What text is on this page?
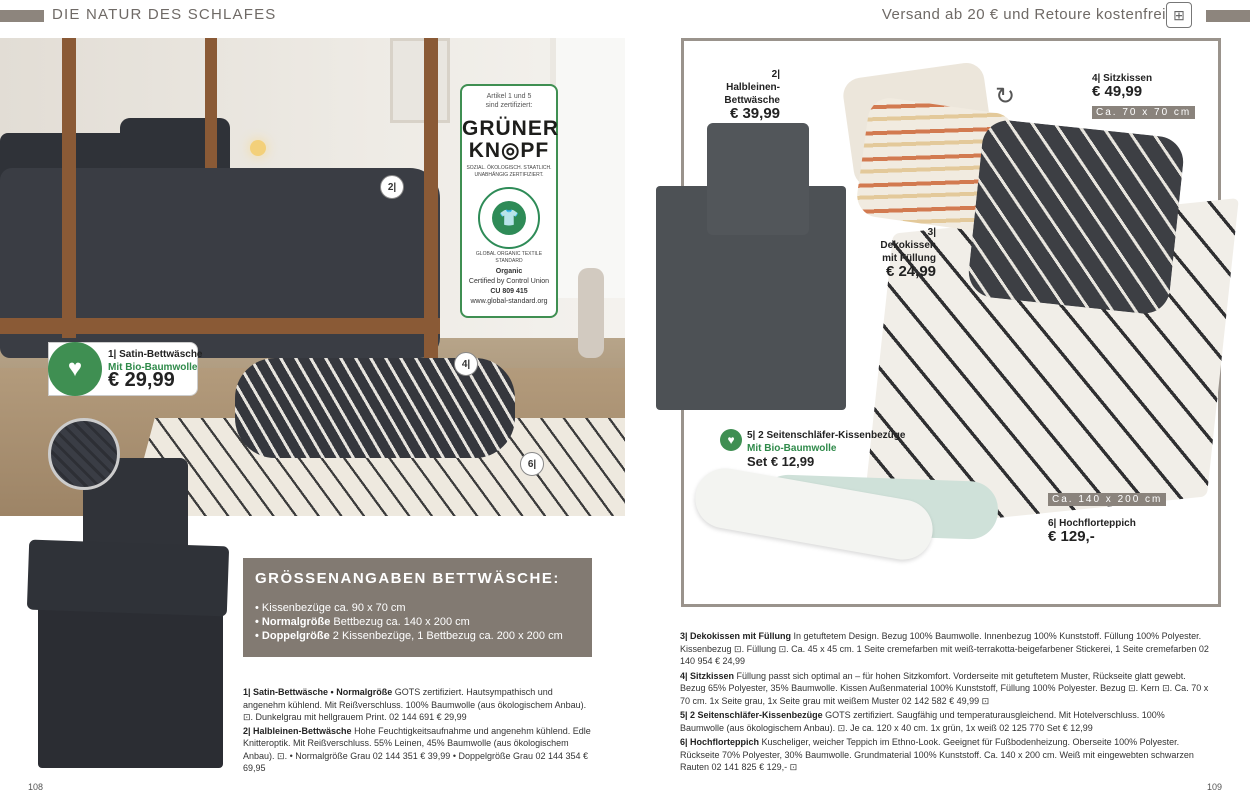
DIE NATUR DES SCHLAFES	Versand ab 20 € und Retoure kostenfrei ⊞
2|
4|
6|
Artikel 1 und 5
sind zertifiziert:
GRÜNER
KN◎PF
SOZIAL. ÖKOLOGISCH. STAATLICH. UNABHÄNGIG ZERTIFIZIERT.
👕
GLOBAL ORGANIC TEXTILE STANDARD
Organic
Certified by Control Union
CU 809 415
www.global-standard.org
♥
1| Satin-Bettwäsche
Mit Bio-Baumwolle
€ 29,99
GRÖSSENANGABEN BETTWÄSCHE:
• Kissenbezüge ca. 90 x 70 cm
• Normalgröße Bettbezug ca. 140 x 200 cm
• Doppelgröße 2 Kissenbezüge, 1 Bettbezug ca. 200 x 200 cm

1| Satin-Bettwäsche • Normalgröße GOTS zertifiziert. Hautsympathisch und angenehm kühlend. Mit Reißverschluss. 100% Baumwolle (aus ökologischem Anbau). ⊡. Dunkelgrau mit hellgrauem Print. 02 144 691 € 29,99

2| Halbleinen-Bettwäsche Hohe Feuchtigkeitsaufnahme und angenehm kühlend. Edle Knitteroptik. Mit Reißverschluss. 55% Leinen, 45% Baumwolle (aus ökologischem Anbau). ⊡. • Normalgröße Grau 02 144 351 € 39,99 • Doppelgröße Grau 02 144 354 € 69,95

108
↻
2| Halbleinen-
Bettwäsche
€ 39,99
4| Sitzkissen
€ 49,99
Ca. 70 x 70 cm
3| Dekokissen
mit Füllung
€ 24,99
♥	5| 2 Seitenschläfer-Kissenbezüge
Mit Bio-Baumwolle
Set € 12,99
Ca. 140 x 200 cm
6| Hochflorteppich
€ 129,-

3| Dekokissen mit Füllung In getuftetem Design. Bezug 100% Baumwolle. Innenbezug 100% Kunststoff. Füllung 100% Polyester. Kissenbezug ⊡. Füllung ⊡. Ca. 45 x 45 cm. 1 Seite cremefarben mit weiß-terrakotta-beigefarbener Stickerei, 1 Seite cremefarben 02 140 954 € 24,99

4| Sitzkissen Füllung passt sich optimal an – für hohen Sitzkomfort. Vorderseite mit getuftetem Muster, Rückseite glatt gewebt. Bezug 65% Polyester, 35% Baumwolle. Kissen Außenmaterial 100% Kunststoff, Füllung 100% Polyester. Bezug ⊡. Kern ⊡. Ca. 70 x 70 cm. 1x Seite grau, 1x Seite grau mit weißem Muster 02 142 582 € 49,99 ⊡

5| 2 Seitenschläfer-Kissenbezüge GOTS zertifiziert. Saugfähig und temperaturausgleichend. Mit Hotelverschluss. 100% Baumwolle (aus ökologischem Anbau). ⊡. Je ca. 120 x 40 cm. 1x grün, 1x weiß 02 125 770 Set € 12,99

6| Hochflorteppich Kuscheliger, weicher Teppich im Ethno-Look. Geeignet für Fußbodenheizung. Oberseite 100% Polyester. Rückseite 70% Polyester, 30% Baumwolle. Grundmaterial 100% Kunststoff. Ca. 140 x 200 cm. Weiß mit eingewebten schwarzen Rauten 02 141 825 € 129,- ⊡

109
